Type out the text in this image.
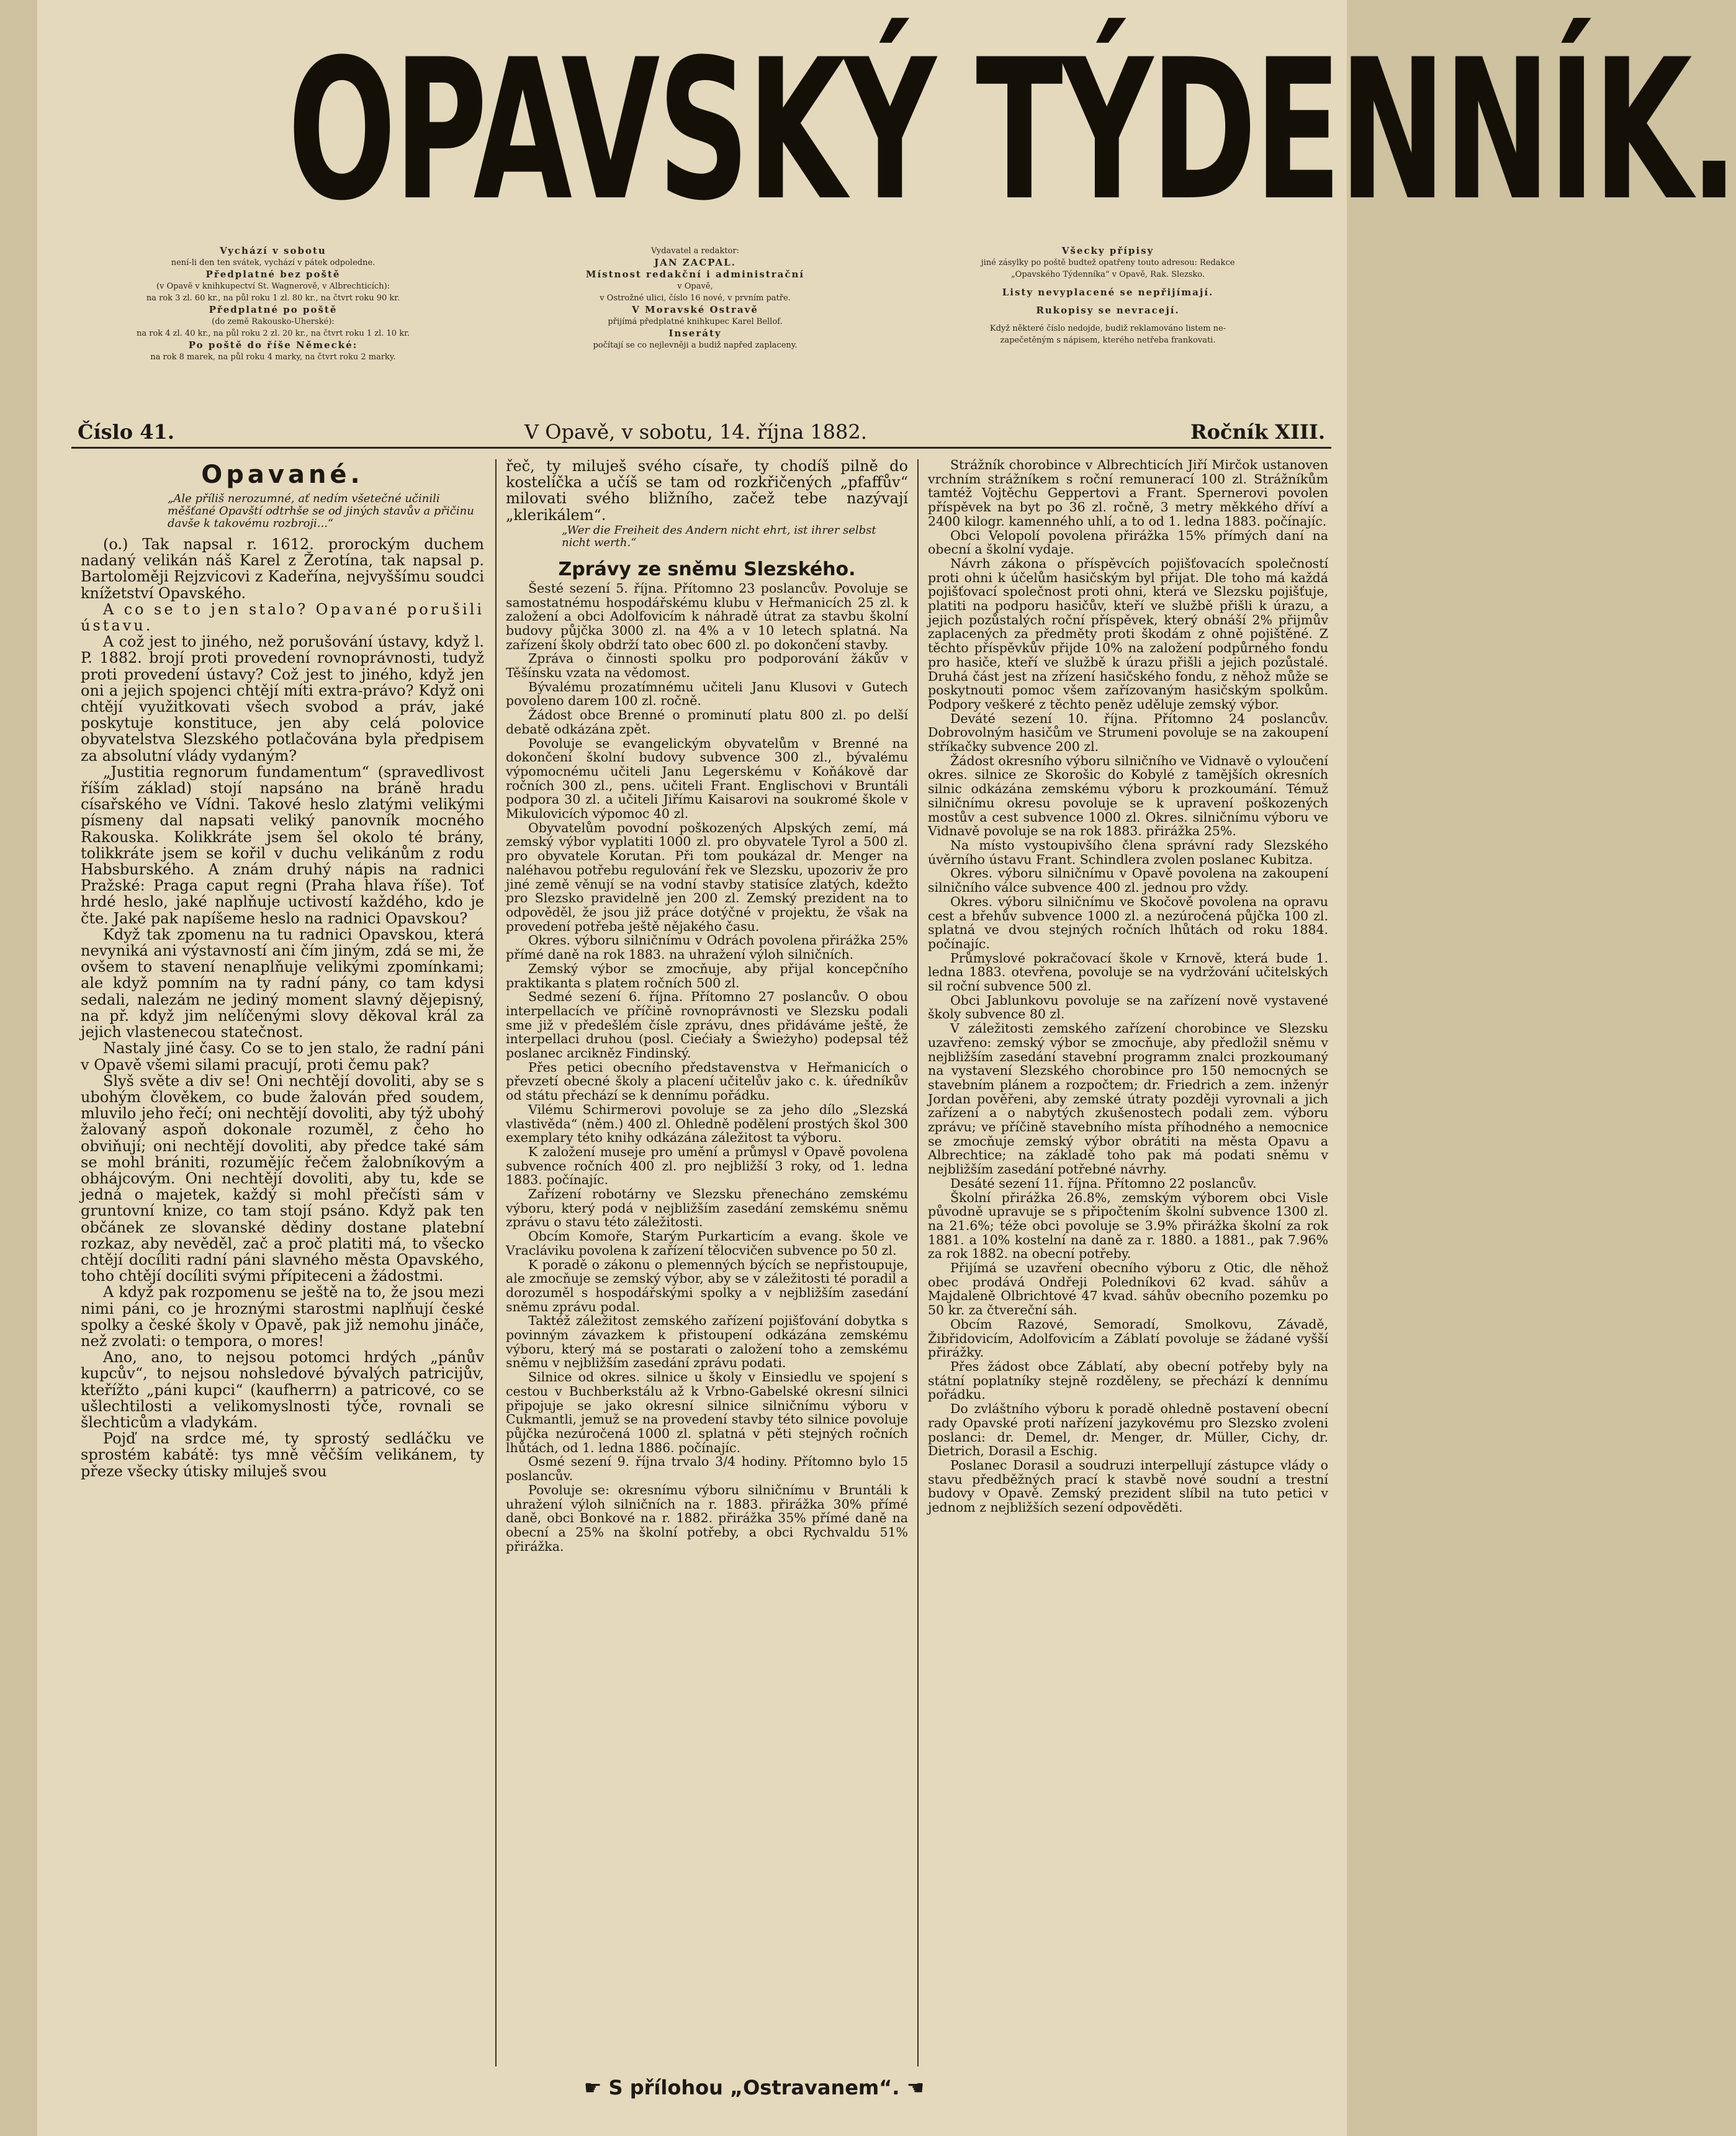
OPAVSKÝ TÝDENNÍK.

Vychází v sobotu

není-li den ten svátek, vychází v pátek odpoledne.

Předplatné bez poště

(v Opavě v knihkupectví St. Wagnerově, v Albrechticích):

na rok 3 zl. 60 kr., na půl roku 1 zl. 80 kr., na čtvrt roku 90 kr.

Předplatné po poště

(do země Rakousko-Uherské):

na rok 4 zl. 40 kr., na půl roku 2 zl. 20 kr., na čtvrt roku 1 zl. 10 kr.

Po poště do říše Německé:

na rok 8 marek, na půl roku 4 marky, na čtvrt roku 2 marky.

Vydavatel a redaktor:

JAN ZACPAL.

Místnost redakční i administrační

v Opavě,

v Ostrožné ulici, číslo 16 nové, v prvním patře.

V Moravské Ostravě

přijímá předplatné knihkupec Karel Bellof.

Inseráty

počítají se co nejlevněji a budiž napřed zaplaceny.

Všecky přípisy

jiné zásylky po poště budtež opatřeny touto adresou: Redakce

„Opavského Týdenníka“ v Opavě, Rak. Slezsko.

Listy nevyplacené se nepřijímají.

Rukopisy se nevracejí.

Když některé číslo nedojde, budiž reklamováno listem ne-

zapečetěným s nápisem, kterého netřeba frankovati.

Číslo 41.	V Opavě, v sobotu, 14. října 1882.	Ročník XIII.

Opavané.

„Ale příliš nerozumné, ať nedím všetečné učinili měšťané Opavští odtrhše se od jiných stavův a přičinu davše k takovému rozbroji...“

(o.) Tak napsal r. 1612. prorockým duchem nadaný velikán náš Karel z Žerotína, tak napsal p. Bartoloměji Rejzvicovi z Kadeřína, nejvyššímu soudci knížetství Opavského.

A co se to jen stalo? Opavané porušili ústavu.

A což jest to jiného, než porušování ústavy, když l. P. 1882. brojí proti provedení rovnoprávnosti, tudyž proti provedení ústavy? Což jest to jiného, když jen oni a jejich spojenci chtějí míti extra-právo? Když oni chtějí využitkovati všech svobod a práv, jaké poskytuje konstituce, jen aby celá polovice obyvatelstva Slezského potlačována byla předpisem za absolutní vlády vydaným?

„Justitia regnorum fundamentum“ (spravedlivost říším základ) stojí napsáno na bráně hradu císařského ve Vídni. Takové heslo zlatými velikými písmeny dal napsati veliký panovník mocného Rakouska. Kolikkráte jsem šel okolo té brány, tolikkráte jsem se kořil v duchu velikánům z rodu Habsburského. A znám druhý nápis na radnici Pražské: Praga caput regni (Praha hlava říše). Toť hrdé heslo, jaké naplňuje uctivostí každého, kdo je čte. Jaké pak napíšeme heslo na radnici Opavskou?

Když tak zpomenu na tu radnici Opavskou, která nevyniká ani výstavností ani čím jiným, zdá se mi, že ovšem to stavení nenaplňuje velikými zpomínkami; ale když pomním na ty radní pány, co tam kdysi sedali, nalezám ne jediný moment slavný dějepisný, na př. když jim nelíčenými slovy děkoval král za jejich vlastenecou statečnost.

Nastaly jiné časy. Co se to jen stalo, že radní páni v Opavě všemi silami pracují, proti čemu pak?

Slyš světe a div se! Oni nechtějí dovoliti, aby se s ubohým člověkem, co bude žalován před soudem, mluvilo jeho řečí; oni nechtějí dovoliti, aby týž ubohý žalovaný aspoň dokonale rozuměl, z čeho ho obviňují; oni nechtějí dovoliti, aby předce také sám se mohl brániti, rozumějíc řečem žalobníkovým a obhájcovým. Oni nechtějí dovoliti, aby tu, kde se jedná o majetek, každý si mohl přečísti sám v gruntovní knize, co tam stojí psáno. Když pak ten občánek ze slovanské dědiny dostane platební rozkaz, aby nevěděl, zač a proč platiti má, to všecko chtějí docíliti radní páni slavného města Opavského, toho chtějí docíliti svými přípiteceni a žádostmi.

A když pak rozpomenu se ještě na to, že jsou mezi nimi páni, co je hroznými starostmi naplňují české spolky a české školy v Opavě, pak již nemohu jináče, než zvolati: o tempora, o mores!

Ano, ano, to nejsou potomci hrdých „pánův kupcův“, to nejsou nohsledové bývalých patricijův, kteřížto „páni kupci“ (kaufherrn) a patricové, co se ušlechtilosti a velikomyslnosti týče, rovnali se šlechticům a vladykám.

Pojď na srdce mé, ty sprostý sedláčku ve sprostém kabátě: tys mně věčším velikánem, ty přeze všecky útisky miluješ svou

řeč, ty miluješ svého císaře, ty chodíš pilně do kostelíčka a učíš se tam od rozkřičených „pfaffův“ milovati svého bližního, začež tebe nazývají „klerikálem“.

„Wer die Freiheit des Andern nicht ehrt, ist ihrer selbst nicht werth.“

Zprávy ze sněmu Slezského.

Šesté sezení 5. října. Přítomno 23 poslancův. Povoluje se samostatnému hospodářskému klubu v Heřmanicích 25 zl. k založení a obci Adolfovicím k náhradě útrat za stavbu školní budovy půjčka 3000 zl. na 4% a v 10 letech splatná. Na zařízení školy obdrží tato obec 600 zl. po dokončení stavby.

Zpráva o činnosti spolku pro podporování žákův v Těšínsku vzata na vědomost.

Bývalému prozatímnému učiteli Janu Klusovi v Gutech povoleno darem 100 zl. ročně.

Žádost obce Brenné o prominutí platu 800 zl. po delší debatě odkázána zpět.

Povoluje se evangelickým obyvatelům v Brenné na dokončení školní budovy subvence 300 zl., bývalému výpomocnému učiteli Janu Legerskému v Koňákově dar ročních 300 zl., pens. učiteli Frant. Englischovi v Bruntáli podpora 30 zl. a učiteli Jiřímu Kaisarovi na soukromé škole v Mikulovicích výpomoc 40 zl.

Obyvatelům povodní poškozených Alpských zemí, má zemský výbor vyplatiti 1000 zl. pro obyvatele Tyrol a 500 zl. pro obyvatele Korutan. Při tom poukázal dr. Menger na naléhavou potřebu regulování řek ve Slezsku, upozoriv že pro jiné země věnují se na vodní stavby statisíce zlatých, kdežto pro Slezsko pravidelně jen 200 zl. Zemský prezident na to odpověděl, že jsou již práce dotýčné v projektu, že však na provedení potřeba ještě nějakého času.

Okres. výboru silničnímu v Odrách povolena přirážka 25% přímé daně na rok 1883. na uhražení výloh silničních.

Zemský výbor se zmocňuje, aby přijal koncepčního praktikanta s platem ročních 500 zl.

Sedmé sezení 6. října. Přítomno 27 poslancův. O obou interpellacích ve příčině rovnoprávnosti ve Slezsku podali sme již v předešlém čísle zprávu, dnes přidáváme ještě, že interpellaci druhou (posl. Ciećiały a Świeżyho) podepsal též poslanec arcikněz Findinský.

Přes petici obecního představenstva v Heřmanicích o převzetí obecné školy a placení učitelův jako c. k. úředníkův od státu přechází se k dennímu pořádku.

Vilému Schirmerovi povoluje se za jeho dílo „Slezská vlastivěda“ (něm.) 400 zl. Ohledně podělení prostých škol 300 exemplary této knihy odkázána záležitost ta výboru.

K založení museje pro umění a průmysl v Opavě povolena subvence ročních 400 zl. pro nejbližší 3 roky, od 1. ledna 1883. počínajíc.

Zařízení robotárny ve Slezsku přenecháno zemskému výboru, který podá v nejbližším zasedání zemskému sněmu zprávu o stavu této záležitosti.

Obcím Komoře, Starým Purkarticím a evang. škole ve Vracláviku povolena k zařízení tělocvičen subvence po 50 zl.

K poradě o zákonu o plemenných býcích se nepřistoupuje, ale zmocňuje se zemský výbor, aby se v záležitosti té poradil a dorozuměl s hospodářskými spolky a v nejbližším zasedání sněmu zprávu podal.

Taktéž záležitost zemského zařízení pojišťování dobytka s povinným závazkem k přistoupení odkázána zemskému výboru, který má se postarati o založení toho a zemskému sněmu v nejbližším zasedání zprávu podati.

Silnice od okres. silnice u školy v Einsiedlu ve spojení s cestou v Buchberkstálu až k Vrbno-Gabelské okresní silnici připojuje se jako okresní silnice silničnímu výboru v Cukmantli, jemuž se na provedení stavby této silnice povoluje půjčka nezúročená 1000 zl. splatná v pěti stejných ročních lhůtách, od 1. ledna 1886. počínajíc.

Osmé sezení 9. října trvalo 3/4 hodiny. Přítomno bylo 15 poslancův.

Povoluje se: okresnímu výboru silničnímu v Bruntáli k uhražení výloh silničních na r. 1883. přirážka 30% přímé daně, obci Bonkové na r. 1882. přirážka 35% přímé daně na obecní a 25% na školní potřeby, a obci Rychvaldu 51% přirážka.

Strážník chorobince v Albrechticích Jiří Mirčok ustanoven vrchním strážníkem s roční remunerací 100 zl. Strážníkům tamtéž Vojtěchu Geppertovi a Frant. Spernerovi povolen příspěvek na byt po 36 zl. ročně, 3 metry měkkého dříví a 2400 kilogr. kamenného uhlí, a to od 1. ledna 1883. počínajíc.

Obci Velopolí povolena přirážka 15% přímých daní na obecní a školní vydaje.

Návrh zákona o příspěvcích pojišťovacích společností proti ohni k účelům hasičským byl přijat. Dle toho má každá pojišťovací společnost proti ohni, která ve Slezsku pojišťuje, platiti na podporu hasičův, kteří ve službě přišli k úrazu, a jejich pozůstalých roční příspěvek, který obnáší 2% přijmův zaplacených za předměty proti škodám z ohně pojištěné. Z těchto příspěvkův přijde 10% na založení podpůrného fondu pro hasiče, kteří ve službě k úrazu přišli a jejich pozůstalé. Druhá část jest na zřízení hasičského fondu, z něhož může se poskytnouti pomoc všem zařízovaným hasičským spolkům. Podpory veškeré z těchto peněz uděluje zemský výbor.

Deváté sezení 10. října. Přítomno 24 poslancův. Dobrovolným hasičům ve Strumeni povoluje se na zakoupení stříkačky subvence 200 zl.

Žádost okresního výboru silničního ve Vidnavě o vyloučení okres. silnice ze Skorošic do Kobylé z tamějších okresních silnic odkázána zemskému výboru k prozkoumání. Témuž silničnímu okresu povoluje se k upravení poškozených mostův a cest subvence 1000 zl. Okres. silničnímu výboru ve Vidnavě povoluje se na rok 1883. přirážka 25%.

Na místo vystoupivšího člena správní rady Slezského úvěrního ústavu Frant. Schindlera zvolen poslanec Kubitza.

Okres. výboru silničnímu v Opavě povolena na zakoupení silničního válce subvence 400 zl. jednou pro vždy.

Okres. výboru silničnímu ve Skočově povolena na opravu cest a břehův subvence 1000 zl. a nezúročená půjčka 100 zl. splatná ve dvou stejných ročních lhůtách od roku 1884. počínajíc.

Průmyslové pokračovací škole v Krnově, která bude 1. ledna 1883. otevřena, povoluje se na vydržování učitelských sil roční subvence 500 zl.

Obci Jablunkovu povoluje se na zařízení nově vystavené školy subvence 80 zl.

V záležitosti zemského zařízení chorobince ve Slezsku uzavřeno: zemský výbor se zmocňuje, aby předložil sněmu v nejbližším zasedání stavební programm znalci prozkoumaný na vystavení Slezského chorobince pro 150 nemocných se stavebním plánem a rozpočtem; dr. Friedrich a zem. inženýr Jordan pověřeni, aby zemské útraty později vyrovnali a jich zařízení a o nabytých zkušenostech podali zem. výboru zprávu; ve příčině stavebního místa příhodného a nemocnice se zmocňuje zemský výbor obrátiti na města Opavu a Albrechtice; na základě toho pak má podati sněmu v nejbližším zasedání potřebné návrhy.

Desáté sezení 11. října. Přítomno 22 poslancův.

Školní přirážka 26.8%, zemským výborem obci Visle původně upravuje se s připočtením školní subvence 1300 zl. na 21.6%; téže obci povoluje se 3.9% přirážka školní za rok 1881. a 10% kostelní na daně za r. 1880. a 1881., pak 7.96% za rok 1882. na obecní potřeby.

Přijímá se uzavření obecního výboru z Otic, dle něhož obec prodává Ondřeji Poledníkovi 62 kvad. sáhův a Majdaleně Olbrichtové 47 kvad. sáhův obecního pozemku po 50 kr. za čtvereční sáh.

Obcím Razové, Semoradí, Smolkovu, Závadě, Žibřidovicím, Adolfovicím a Záblatí povoluje se žádané vyšší přirážky.

Přes žádost obce Záblatí, aby obecní potřeby byly na státní poplatníky stejně rozděleny, se přechází k dennímu pořádku.

Do zvláštního výboru k poradě ohledně postavení obecní rady Opavské proti nařízení jazykovému pro Slezsko zvoleni poslanci: dr. Demel, dr. Menger, dr. Müller, Cichy, dr. Dietrich, Dorasil a Eschig.

Poslanec Dorasil a soudruzi interpellují zástupce vlády o stavu předběžných prací k stavbě nové soudní a trestní budovy v Opavě. Zemský prezident slíbil na tuto petici v jednom z nejbližších sezení odpověděti.

☛ S přílohou „Ostravanem“. ☚
